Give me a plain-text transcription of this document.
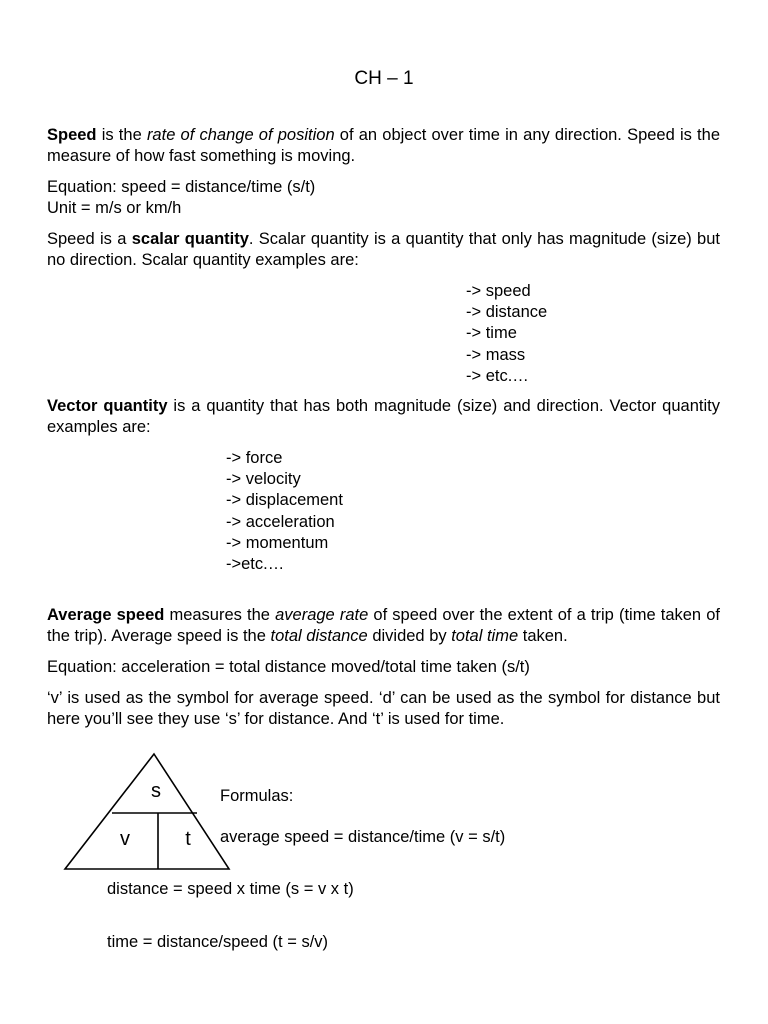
CH – 1

Speed is the rate of change of position of an object over time in any direction. Speed is the measure of how fast something is moving.

Equation: speed = distance/time (s/t)
Unit = m/s or km/h

Speed is a scalar quantity. Scalar quantity is a quantity that only has magnitude (size) but no direction. Scalar quantity examples are:

-> speed
-> distance
-> time
-> mass
-> etc.…

Vector quantity is a quantity that has both magnitude (size) and direction. Vector quantity examples are:

-> force
-> velocity
-> displacement
-> acceleration
-> momentum
->etc.…

Average speed measures the average rate of speed over the extent of a trip (time taken of the trip). Average speed is the total distance divided by total time taken.

Equation: acceleration = total distance moved/total time taken (s/t)

‘v’ is used as the symbol for average speed. ‘d’ can be used as the symbol for distance but here you’ll see they use ‘s’ for distance. And ‘t’ is used for time.

s
v	t
Formulas:
average speed = distance/time (v = s/t)
distance = speed x time (s = v x t)
time = distance/speed (t = s/v)
